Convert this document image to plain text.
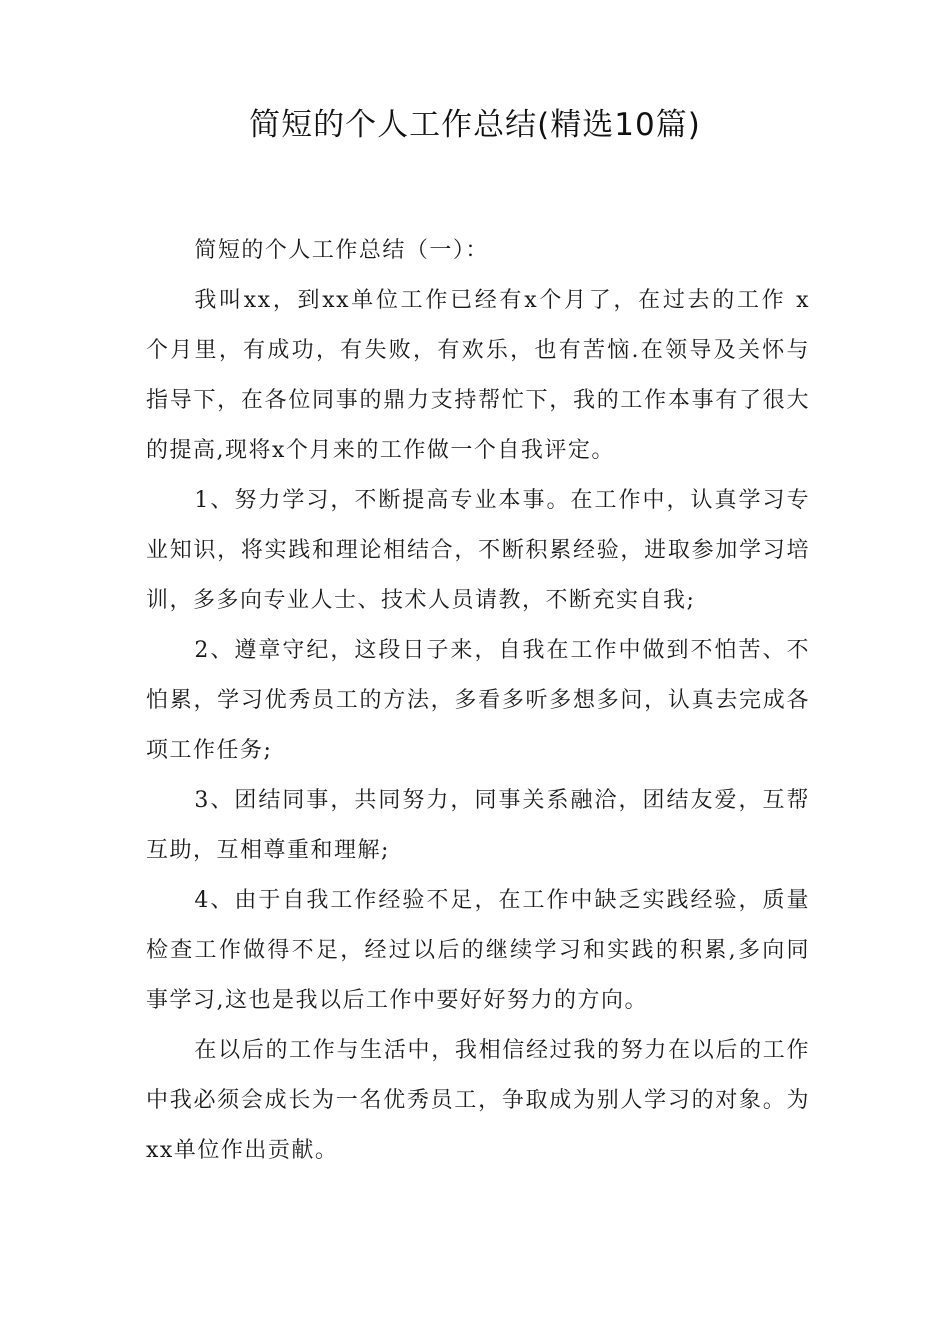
简短的个人工作总结(精选10篇)

简短的个人工作总结（一）：

我叫xx，到xx单位工作已经有x个月了，在过去的工作 x 个月里，有成功，有失败，有欢乐，也有苦恼.在领导及关怀与指导下，在各位同事的鼎力支持帮忙下，我的工作本事有了很大的提高,现将x个月来的工作做一个自我评定。

1、努力学习，不断提高专业本事。在工作中，认真学习专业知识，将实践和理论相结合，不断积累经验，进取参加学习培训，多多向专业人士、技术人员请教，不断充实自我;

2、遵章守纪，这段日子来，自我在工作中做到不怕苦、不怕累，学习优秀员工的方法，多看多听多想多问，认真去完成各项工作任务;

3、团结同事，共同努力，同事关系融洽，团结友爱，互帮互助，互相尊重和理解;

4、由于自我工作经验不足，在工作中缺乏实践经验，质量检查工作做得不足，经过以后的继续学习和实践的积累,多向同事学习,这也是我以后工作中要好好努力的方向。

在以后的工作与生活中，我相信经过我的努力在以后的工作中我必须会成长为一名优秀员工，争取成为别人学习的对象。为xx单位作出贡献。
